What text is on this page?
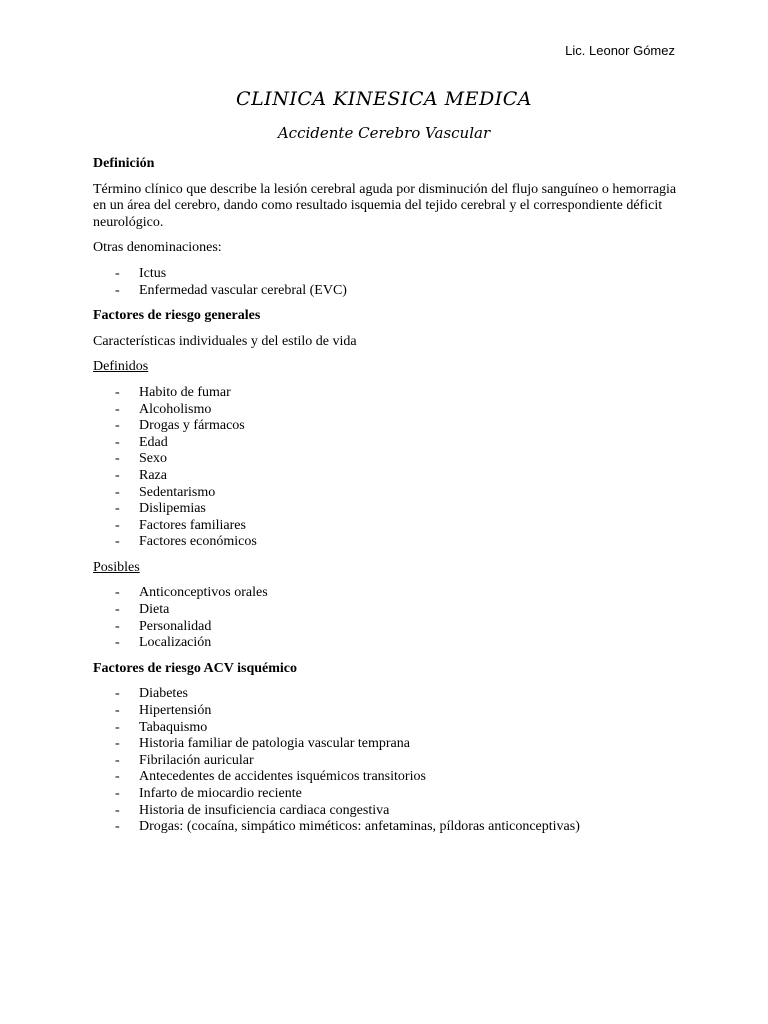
Lic. Leonor Gómez
CLINICA KINESICA MEDICA
Accidente Cerebro Vascular

Definición

Término clínico que describe la lesión cerebral aguda por disminución del flujo sanguíneo o hemorragia en un área del cerebro, dando como resultado isquemia del tejido cerebral y el correspondiente déficit neurológico.

Otras denominaciones:

- Ictus
- Enfermedad vascular cerebral (EVC)

Factores de riesgo generales

Características individuales y del estilo de vida

Definidos

- Habito de fumar
- Alcoholismo
- Drogas y fármacos
- Edad
- Sexo
- Raza
- Sedentarismo
- Dislipemias
- Factores familiares
- Factores económicos

Posibles

- Anticonceptivos orales
- Dieta
- Personalidad
- Localización

Factores de riesgo ACV isquémico

- Diabetes
- Hipertensión
- Tabaquismo
- Historia familiar de patologia vascular temprana
- Fibrilación auricular
- Antecedentes de accidentes isquémicos transitorios
- Infarto de miocardio reciente
- Historia de insuficiencia cardiaca congestiva
- Drogas: (cocaína, simpático miméticos: anfetaminas, píldoras anticonceptivas)
